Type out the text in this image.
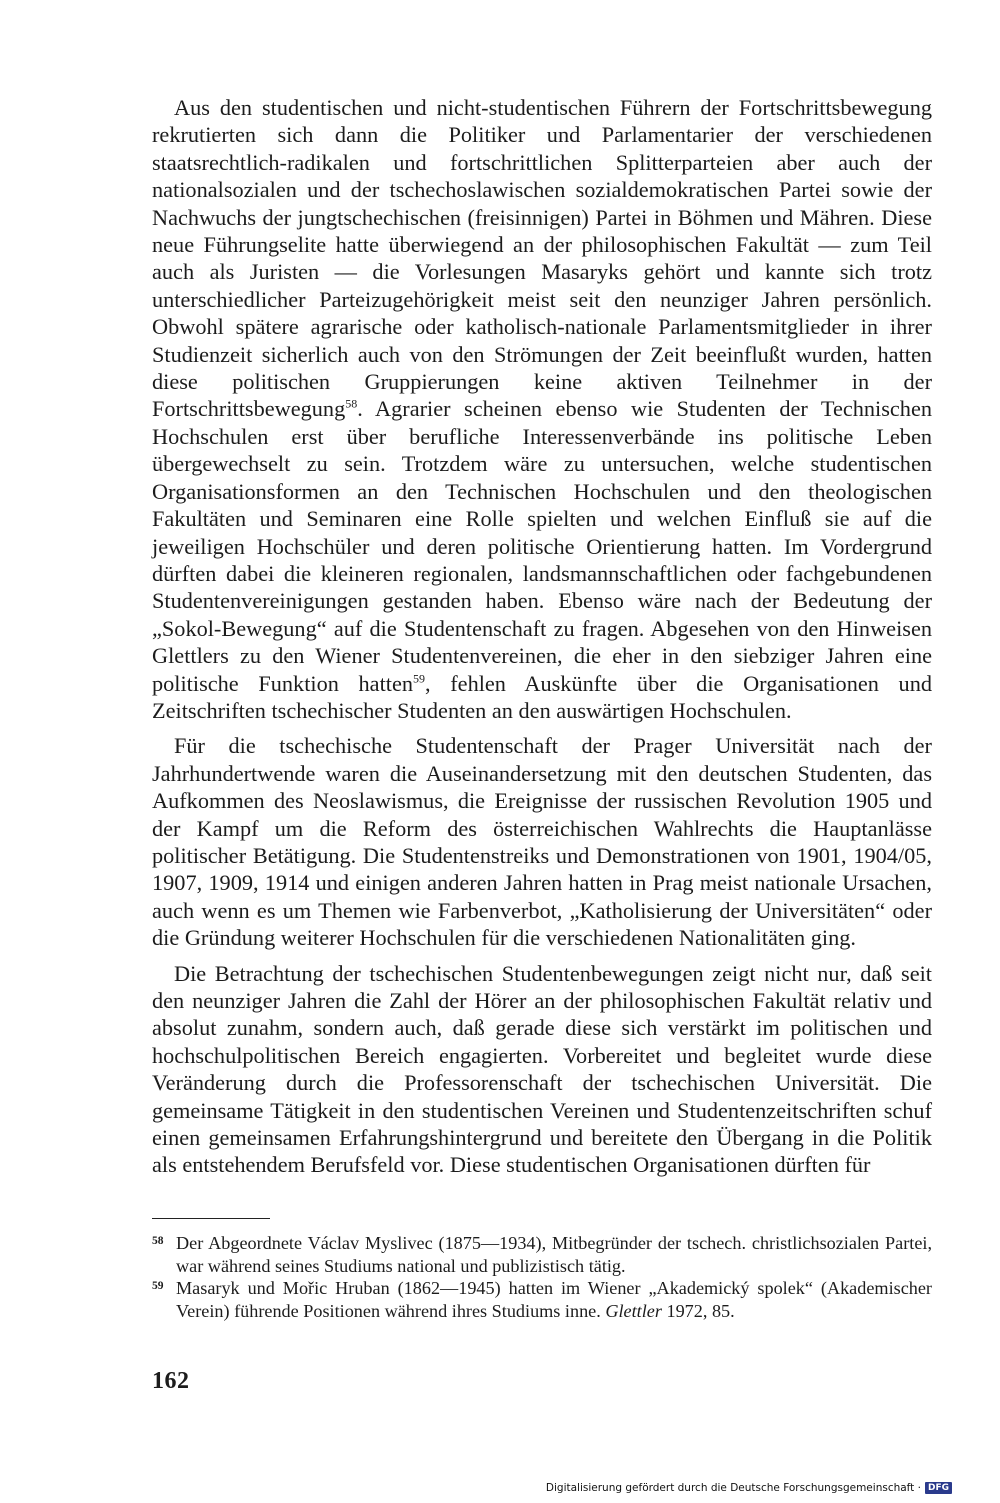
Aus den studentischen und nicht-studentischen Führern der Fortschrittsbewegung rekrutierten sich dann die Politiker und Parlamentarier der verschiedenen staatsrechtlich-radikalen und fortschrittlichen Splitterparteien aber auch der nationalsozialen und der tschechoslawischen sozialdemokratischen Partei sowie der Nachwuchs der jungtschechischen (freisinnigen) Partei in Böhmen und Mähren. Diese neue Führungselite hatte überwiegend an der philosophischen Fakultät — zum Teil auch als Juristen — die Vorlesungen Masaryks gehört und kannte sich trotz unterschiedlicher Parteizugehörigkeit meist seit den neunziger Jahren persönlich. Obwohl spätere agrarische oder katholisch-nationale Parlamentsmitglieder in ihrer Studienzeit sicherlich auch von den Strömungen der Zeit beeinflußt wurden, hatten diese politischen Gruppierungen keine aktiven Teilnehmer in der Fortschrittsbewegung$^{58}$. Agrarier scheinen ebenso wie Studenten der Technischen Hochschulen erst über berufliche Interessenverbände ins politische Leben übergewechselt zu sein. Trotzdem wäre zu untersuchen, welche studentischen Organisationsformen an den Technischen Hochschulen und den theologischen Fakultäten und Seminaren eine Rolle spielten und welchen Einfluß sie auf die jeweiligen Hochschüler und deren politische Orientierung hatten. Im Vordergrund dürften dabei die kleineren regionalen, landsmannschaftlichen oder fachgebundenen Studentenvereinigungen gestanden haben. Ebenso wäre nach der Bedeutung der „Sokol-Bewegung“ auf die Studentenschaft zu fragen. Abgesehen von den Hinweisen Glettlers zu den Wiener Studentenvereinen, die eher in den siebziger Jahren eine politische Funktion hatten$^{59}$, fehlen Auskünfte über die Organisationen und Zeitschriften tschechischer Studenten an den auswärtigen Hochschulen.

Für die tschechische Studentenschaft der Prager Universität nach der Jahrhundertwende waren die Auseinandersetzung mit den deutschen Studenten, das Aufkommen des Neoslawismus, die Ereignisse der russischen Revolution 1905 und der Kampf um die Reform des österreichischen Wahlrechts die Hauptanlässe politischer Betätigung. Die Studentenstreiks und Demonstrationen von 1901, 1904/05, 1907, 1909, 1914 und einigen anderen Jahren hatten in Prag meist nationale Ursachen, auch wenn es um Themen wie Farbenverbot, „Katholisierung der Universitäten“ oder die Gründung weiterer Hochschulen für die verschiedenen Nationalitäten ging.

Die Betrachtung der tschechischen Studentenbewegungen zeigt nicht nur, daß seit den neunziger Jahren die Zahl der Hörer an der philosophischen Fakultät relativ und absolut zunahm, sondern auch, daß gerade diese sich verstärkt im politischen und hochschulpolitischen Bereich engagierten. Vorbereitet und begleitet wurde diese Veränderung durch die Professorenschaft der tschechischen Universität. Die gemeinsame Tätigkeit in den studentischen Vereinen und Studentenzeitschriften schuf einen gemeinsamen Erfahrungshintergrund und bereitete den Übergang in die Politik als entstehendem Berufsfeld vor. Diese studentischen Organisationen dürften für

58 Der Abgeordnete Václav Myslivec (1875—1934), Mitbegründer der tschech. christlichsozialen Partei, war während seines Studiums national und publizistisch tätig.

59 Masaryk und Mořic Hruban (1862—1945) hatten im Wiener „Akademický spolek“ (Akademischer Verein) führende Positionen während ihres Studiums inne. Glettler 1972, 85.

162
Digitalisierung gefördert durch die Deutsche Forschungsgemeinschaft · DFG
